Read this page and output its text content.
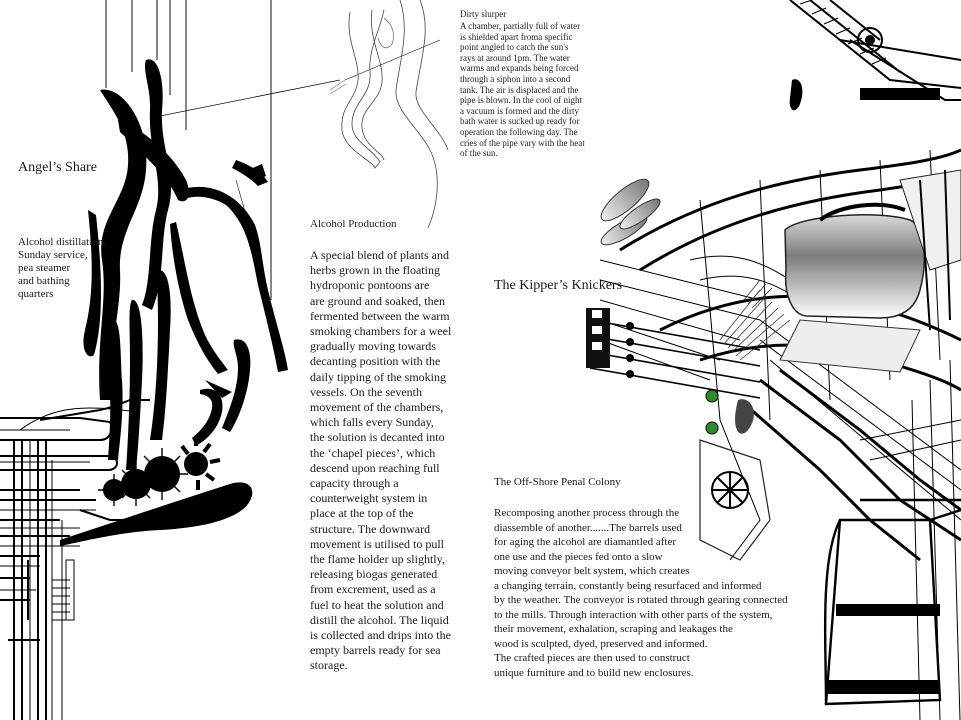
Angel’s Share
Alcohol distillation,
Sunday service,
pea steamer
and bathing
quarters
Alcohol Production
A special blend of plants and
herbs grown in the floating
hydroponic pontoons are
are ground and soaked, then
fermented between the warm
smoking chambers for a weel
gradually moving towards
decanting position with the
daily tipping of the smoking
vessels. On the seventh
movement of the chambers,
which falls every Sunday,
the solution is decanted into
the ‘chapel pieces’, which
descend upon reaching full
capacity through a
counterweight system in
place at the top of the
structure. The downward
movement is utilised to pull
the flame holder up slightly,
releasing biogas generated
from excrement, used as a
fuel to heat the solution and
distill the alcohol. The liquid
is collected and drips into the
empty barrels ready for sea
storage.
Dirty slurper
A chamber, partially full of water
is shielded apart froma specific
point angled to catch the sun's
rays at around 1pm. The water
warms and expands being forced
through a siphon into a second
tank. The air is displaced and the
pipe is blown. In the cool of night
a vacuum is formed and the dirty
bath water is sucked up ready for
operation the following day. The
cries of the pipe vary with the heat
of the sun.
The Kipper’s Knickers
The Off-Shore Penal Colony
Recomposing another process through the
diassemble of another.......The barrels used
for aging the alcohol are diamantled after
one use and the pieces fed onto a slow
moving conveyor belt system, which creates
a changing terrain, constantly being resurfaced and informed
by the weather. The conveyor is rotated through gearing connected
to the mills. Through interaction with other parts of the system,
their movement, exhalation, scraping and leakages the
wood is sculpted, dyed, preserved and informed.
The crafted pieces are then used to construct
unique furniture and to build new enclosures.
